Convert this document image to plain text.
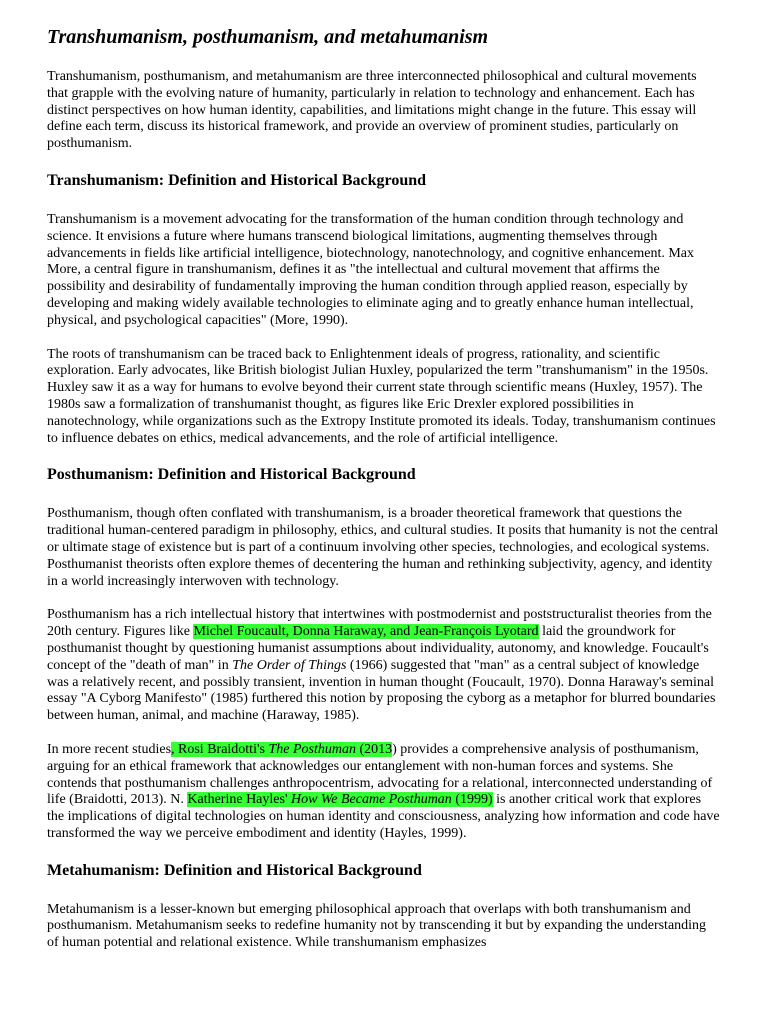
Transhumanism, posthumanism, and metahumanism

Transhumanism, posthumanism, and metahumanism are three interconnected philosophical and cultural movements that grapple with the evolving nature of humanity, particularly in relation to technology and enhancement. Each has distinct perspectives on how human identity, capabilities, and limitations might change in the future. This essay will define each term, discuss its historical framework, and provide an overview of prominent studies, particularly on posthumanism.

Transhumanism: Definition and Historical Background

Transhumanism is a movement advocating for the transformation of the human condition through technology and science. It envisions a future where humans transcend biological limitations, augmenting themselves through advancements in fields like artificial intelligence, biotechnology, nanotechnology, and cognitive enhancement. Max More, a central figure in transhumanism, defines it as "the intellectual and cultural movement that affirms the possibility and desirability of fundamentally improving the human condition through applied reason, especially by developing and making widely available technologies to eliminate aging and to greatly enhance human intellectual, physical, and psychological capacities" (More, 1990).

The roots of transhumanism can be traced back to Enlightenment ideals of progress, rationality, and scientific exploration. Early advocates, like British biologist Julian Huxley, popularized the term "transhumanism" in the 1950s. Huxley saw it as a way for humans to evolve beyond their current state through scientific means (Huxley, 1957). The 1980s saw a formalization of transhumanist thought, as figures like Eric Drexler explored possibilities in nanotechnology, while organizations such as the Extropy Institute promoted its ideals. Today, transhumanism continues to influence debates on ethics, medical advancements, and the role of artificial intelligence.

Posthumanism: Definition and Historical Background

Posthumanism, though often conflated with transhumanism, is a broader theoretical framework that questions the traditional human-centered paradigm in philosophy, ethics, and cultural studies. It posits that humanity is not the central or ultimate stage of existence but is part of a continuum involving other species, technologies, and ecological systems. Posthumanist theorists often explore themes of decentering the human and rethinking subjectivity, agency, and identity in a world increasingly interwoven with technology.

Posthumanism has a rich intellectual history that intertwines with postmodernist and poststructuralist theories from the 20th century. Figures like Michel Foucault, Donna Haraway, and Jean-François Lyotard laid the groundwork for posthumanist thought by questioning humanist assumptions about individuality, autonomy, and knowledge. Foucault's concept of the "death of man" in The Order of Things (1966) suggested that "man" as a central subject of knowledge was a relatively recent, and possibly transient, invention in human thought (Foucault, 1970). Donna Haraway's seminal essay "A Cyborg Manifesto" (1985) furthered this notion by proposing the cyborg as a metaphor for blurred boundaries between human, animal, and machine (Haraway, 1985).

In more recent studies, Rosi Braidotti's The Posthuman (2013) provides a comprehensive analysis of posthumanism, arguing for an ethical framework that acknowledges our entanglement with non-human forces and systems. She contends that posthumanism challenges anthropocentrism, advocating for a relational, interconnected understanding of life (Braidotti, 2013). N. Katherine Hayles' How We Became Posthuman (1999) is another critical work that explores the implications of digital technologies on human identity and consciousness, analyzing how information and code have transformed the way we perceive embodiment and identity (Hayles, 1999).

Metahumanism: Definition and Historical Background

Metahumanism is a lesser-known but emerging philosophical approach that overlaps with both transhumanism and posthumanism. Metahumanism seeks to redefine humanity not by transcending it but by expanding the understanding of human potential and relational existence. While transhumanism emphasizes
